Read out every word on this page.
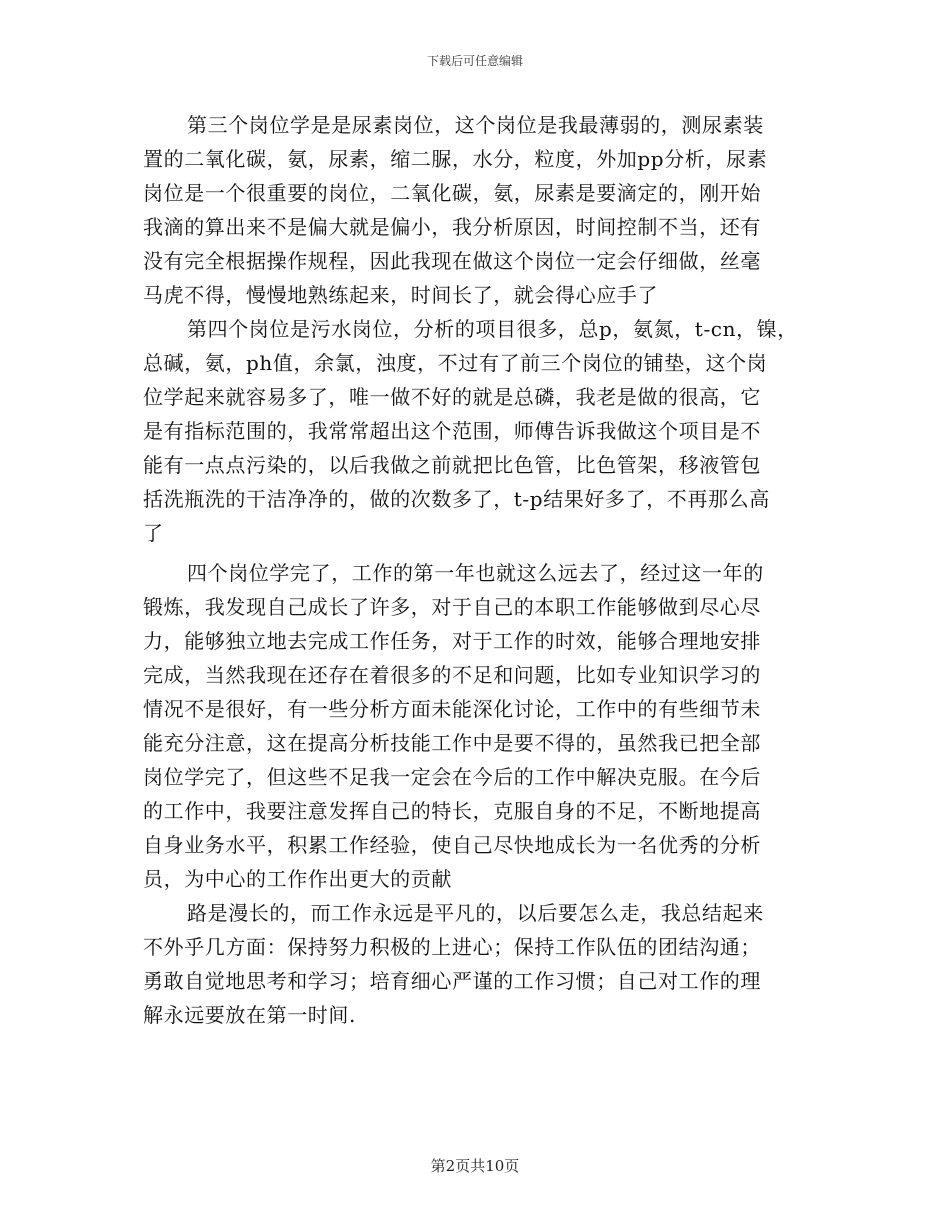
下载后可任意编辑

第三个岗位学是是尿素岗位，这个岗位是我最薄弱的，测尿素装
置的二氧化碳，氨，尿素，缩二脲，水分，粒度，外加pp分析，尿素
岗位是一个很重要的岗位，二氧化碳，氨，尿素是要滴定的，刚开始
我滴的算出来不是偏大就是偏小，我分析原因，时间控制不当，还有
没有完全根据操作规程，因此我现在做这个岗位一定会仔细做，丝毫
马虎不得，慢慢地熟练起来，时间长了，就会得心应手了

第四个岗位是污水岗位，分析的项目很多，总p，氨氮，t-cn，镍，
总碱，氨，ph值，余氯，浊度，不过有了前三个岗位的铺垫，这个岗
位学起来就容易多了，唯一做不好的就是总磷，我老是做的很高，它
是有指标范围的，我常常超出这个范围，师傅告诉我做这个项目是不
能有一点点污染的，以后我做之前就把比色管，比色管架，移液管包
括洗瓶洗的干洁净净的，做的次数多了，t-p结果好多了，不再那么高
了

四个岗位学完了，工作的第一年也就这么远去了，经过这一年的
锻炼，我发现自己成长了许多，对于自己的本职工作能够做到尽心尽
力，能够独立地去完成工作任务，对于工作的时效，能够合理地安排
完成，当然我现在还存在着很多的不足和问题，比如专业知识学习的
情况不是很好，有一些分析方面未能深化讨论，工作中的有些细节未
能充分注意，这在提高分析技能工作中是要不得的，虽然我已把全部
岗位学完了，但这些不足我一定会在今后的工作中解决克服。在今后
的工作中，我要注意发挥自己的特长，克服自身的不足，不断地提高
自身业务水平，积累工作经验，使自己尽快地成长为一名优秀的分析
员，为中心的工作作出更大的贡献

路是漫长的，而工作永远是平凡的，以后要怎么走，我总结起来
不外乎几方面：保持努力积极的上进心；保持工作队伍的团结沟通；
勇敢自觉地思考和学习；培育细心严谨的工作习惯；自己对工作的理
解永远要放在第一时间.

第2页共10页
